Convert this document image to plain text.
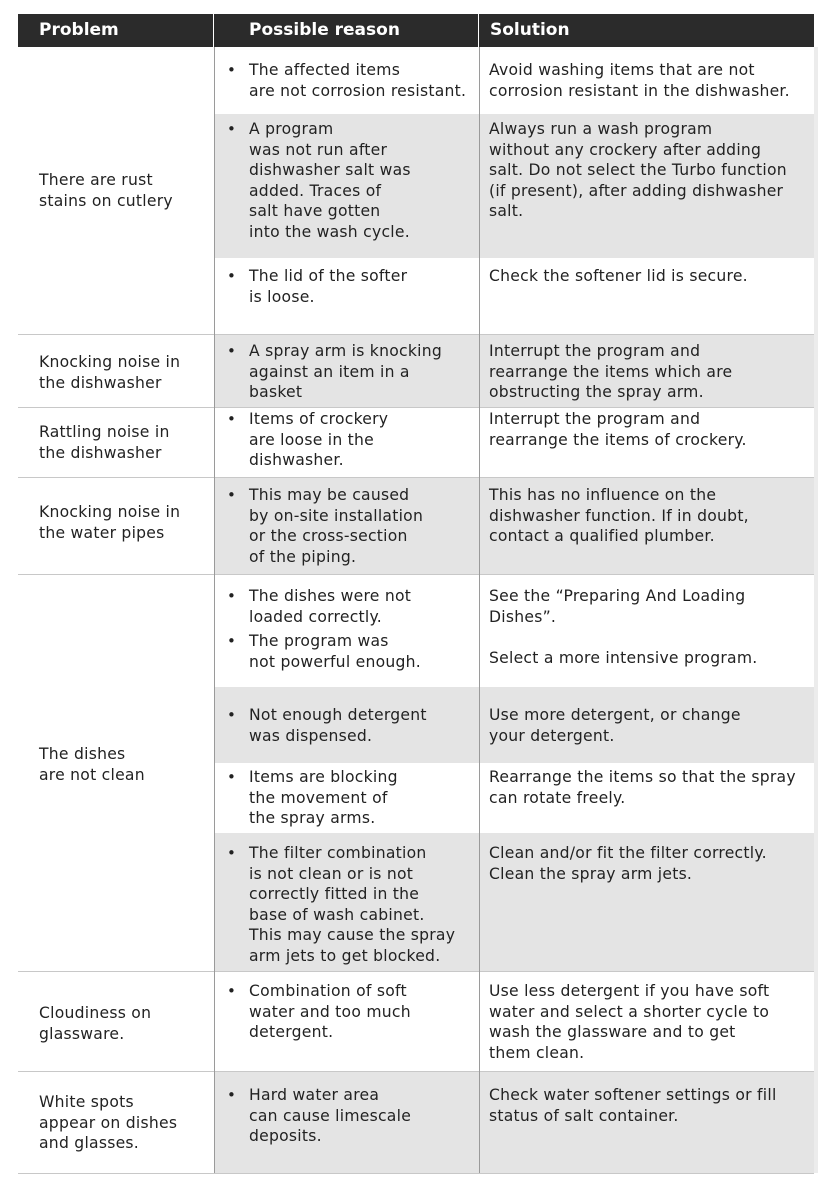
Problem	Possible reason	Solution
There are rust
stains on cutlery
Knocking noise in
the dishwasher
Rattling noise in
the dishwasher
Knocking noise in
the water pipes
The dishes
are not clean
Cloudiness on
glassware.
White spots
appear on dishes
and glasses.
• The affected items
are not corrosion resistant.
Avoid washing items that are not
corrosion resistant in the dishwasher.
• A program
was not run after
dishwasher salt was
added. Traces of
salt have gotten
into the wash cycle.
Always run a wash program
without any crockery after adding
salt. Do not select the Turbo function
(if present), after adding dishwasher
salt.
• The lid of the softer
is loose.
Check the softener lid is secure.
• A spray arm is knocking
against an item in a
basket
Interrupt the program and
rearrange the items which are
obstructing the spray arm.
• Items of crockery
are loose in the
dishwasher.
Interrupt the program and
rearrange the items of crockery.
• This may be caused
by on-site installation
or the cross-section
of the piping.
This has no influence on the
dishwasher function. If in doubt,
contact a qualified plumber.
• The dishes were not
loaded correctly.
• The program was
not powerful enough.
See the “Preparing And Loading
Dishes”.
Select a more intensive program.
• Not enough detergent
was dispensed.
Use more detergent, or change
your detergent.
• Items are blocking
the movement of
the spray arms.
Rearrange the items so that the spray
can rotate freely.
• The filter combination
is not clean or is not
correctly fitted in the
base of wash cabinet.
This may cause the spray
arm jets to get blocked.
Clean and/or fit the filter correctly.
Clean the spray arm jets.
• Combination of soft
water and too much
detergent.
Use less detergent if you have soft
water and select a shorter cycle to
wash the glassware and to get
them clean.
• Hard water area
can cause limescale
deposits.
Check water softener settings or fill
status of salt container.
